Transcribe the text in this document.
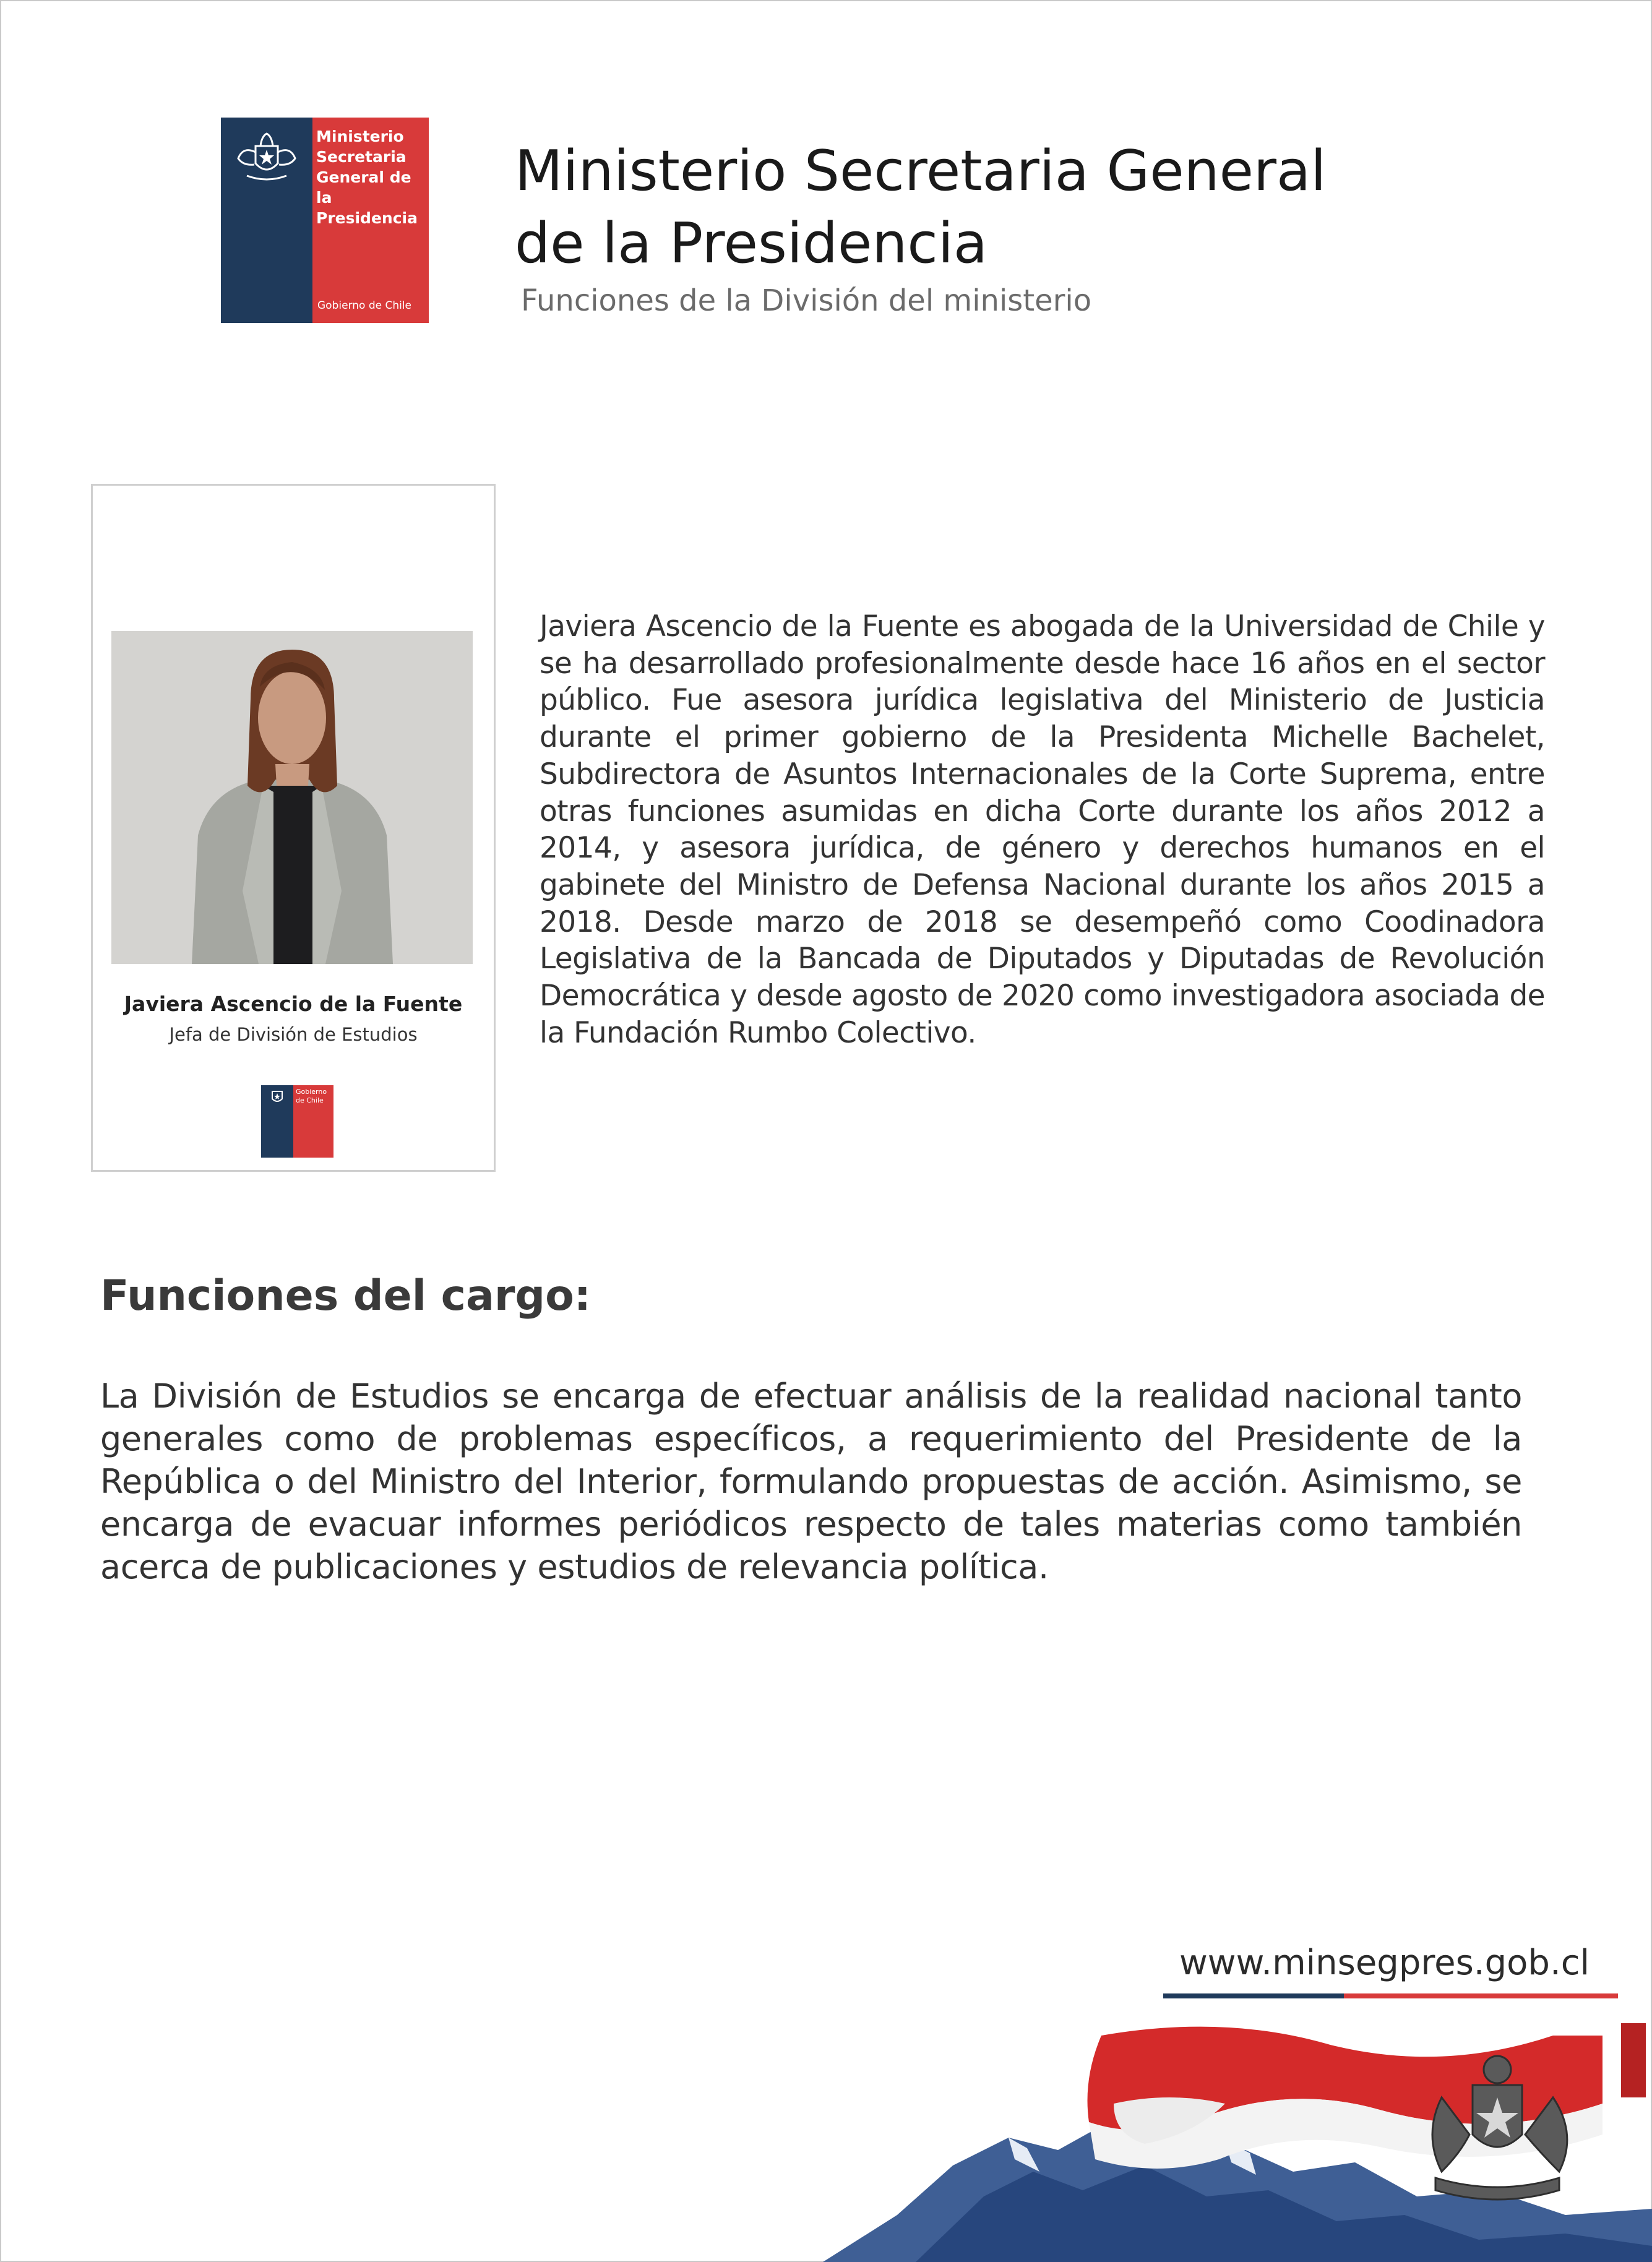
Ministerio
Secretaria
General de la
Presidencia
Gobierno de Chile
Ministerio Secretaria General
de la Presidencia
Funciones de la División del ministerio
Javiera Ascencio de la Fuente
Jefa de División de Estudios
Gobierno
de Chile

Javiera Ascencio de la Fuente es abogada de la Universidad de Chile y se ha desarrollado profesionalmente desde hace 16 años en el sector público. Fue asesora jurídica legislativa del Ministerio de Justicia durante el primer gobierno de la Presidenta Michelle Bachelet, Subdirectora de Asuntos Internacionales de la Corte Suprema, entre otras funciones asumidas en dicha Corte durante los años 2012 a 2014, y asesora jurídica, de género y derechos humanos en el gabinete del Ministro de Defensa Nacional durante los años 2015 a 2018. Desde marzo de 2018 se desempeñó como Coodinadora Legislativa de la Bancada de Diputados y Diputadas de Revolución Democrática y desde agosto de 2020 como investigadora asociada de la Fundación Rumbo Colectivo.

Funciones del cargo:

La División de Estudios se encarga de efectuar análisis de la realidad nacional tanto generales como de problemas específicos, a requerimiento del Presidente de la República o del Ministro del Interior, formulando propuestas de acción. Asimismo, se encarga de evacuar informes periódicos respecto de tales materias como también acerca de publicaciones y estudios de relevancia política.

www.minsegpres.gob.cl
